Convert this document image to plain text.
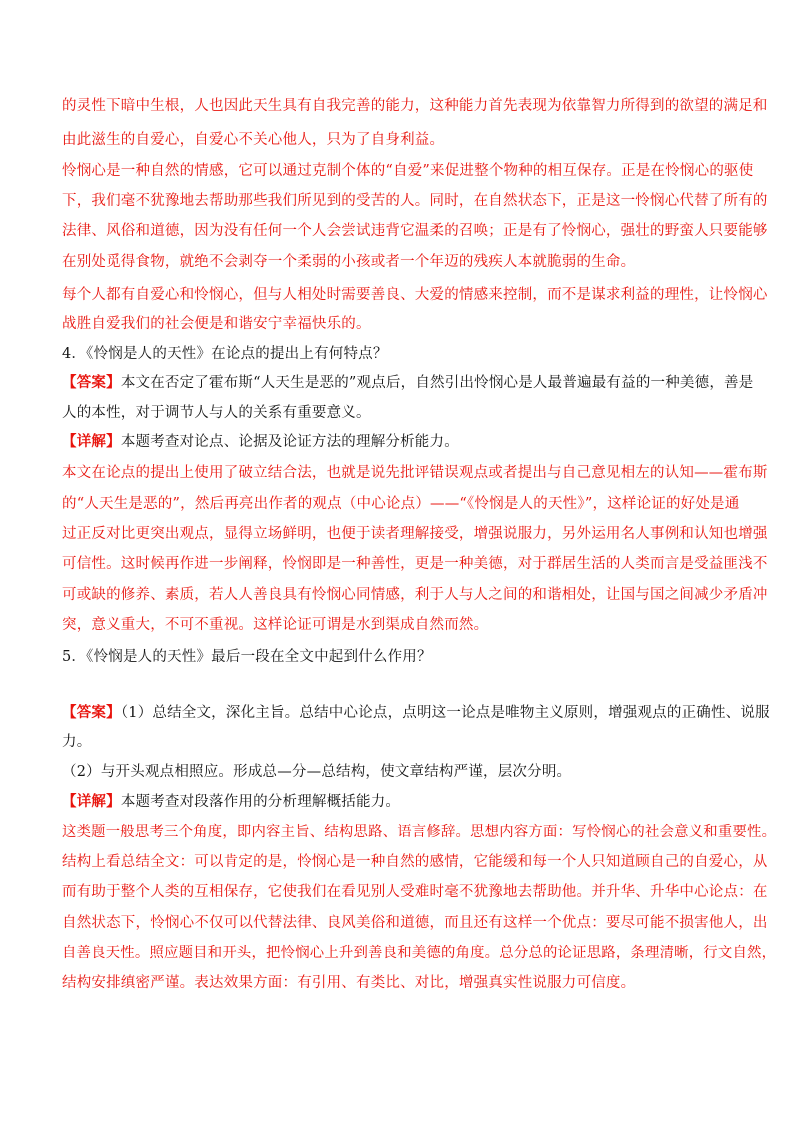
的灵性下暗中生根，人也因此天生具有自我完善的能力，这种能力首先表现为依靠智力所得到的欲望的满足和
由此滋生的自爱心，自爱心不关心他人，只为了自身利益。
怜悯心是一种自然的情感，它可以通过克制个体的“自爱”来促进整个物种的相互保存。正是在怜悯心的驱使
下，我们毫不犹豫地去帮助那些我们所见到的受苦的人。同时，在自然状态下，正是这一怜悯心代替了所有的
法律、风俗和道德，因为没有任何一个人会尝试违背它温柔的召唤；正是有了怜悯心，强壮的野蛮人只要能够
在别处觅得食物，就绝不会剥夺一个柔弱的小孩或者一个年迈的残疾人本就脆弱的生命。
每个人都有自爱心和怜悯心，但与人相处时需要善良、大爱的情感来控制，而不是谋求利益的理性，让怜悯心
战胜自爱我们的社会便是和谐安宁幸福快乐的。
4．《怜悯是人的天性》在论点的提出上有何特点？
【答案】本文在否定了霍布斯“人天生是恶的”观点后，自然引出怜悯心是人最普遍最有益的一种美德，善是
人的本性，对于调节人与人的关系有重要意义。
【详解】本题考查对论点、论据及论证方法的理解分析能力。
本文在论点的提出上使用了破立结合法，也就是说先批评错误观点或者提出与自己意见相左的认知——霍布斯
的“人天生是恶的”，然后再亮出作者的观点（中心论点）——“《怜悯是人的天性》”，这样论证的好处是通
过正反对比更突出观点，显得立场鲜明，也便于读者理解接受，增强说服力，另外运用名人事例和认知也增强
可信性。这时候再作进一步阐释，怜悯即是一种善性，更是一种美德，对于群居生活的人类而言是受益匪浅不
可或缺的修养、素质，若人人善良具有怜悯心同情感，利于人与人之间的和谐相处，让国与国之间减少矛盾冲
突，意义重大，不可不重视。这样论证可谓是水到渠成自然而然。
5．《怜悯是人的天性》最后一段在全文中起到什么作用？
【答案】（1）总结全文，深化主旨。总结中心论点，点明这一论点是唯物主义原则，增强观点的正确性、说服
力。
（2）与开头观点相照应。形成总—分—总结构，使文章结构严谨，层次分明。
【详解】本题考查对段落作用的分析理解概括能力。
这类题一般思考三个角度，即内容主旨、结构思路、语言修辞。思想内容方面：写怜悯心的社会意义和重要性。
结构上看总结全文：可以肯定的是，怜悯心是一种自然的感情，它能缓和每一个人只知道顾自己的自爱心，从
而有助于整个人类的互相保存，它使我们在看见别人受难时毫不犹豫地去帮助他。并升华、升华中心论点：在
自然状态下，怜悯心不仅可以代替法律、良风美俗和道德，而且还有这样一个优点：要尽可能不损害他人，出
自善良天性。照应题目和开头，把怜悯心上升到善良和美德的角度。总分总的论证思路，条理清晰，行文自然，
结构安排缜密严谨。表达效果方面：有引用、有类比、对比，增强真实性说服力可信度。
